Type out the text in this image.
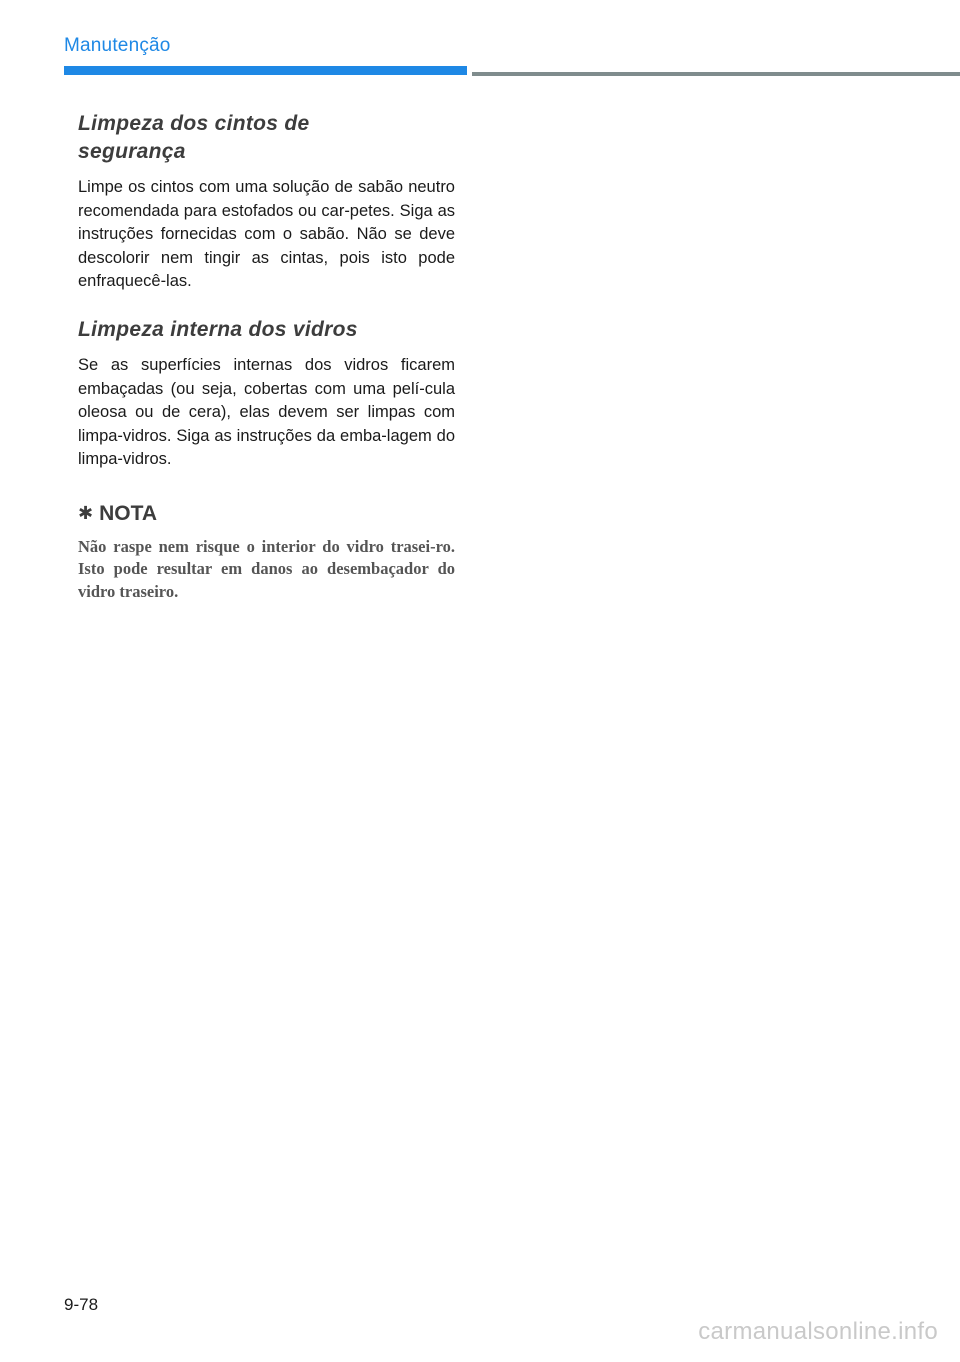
Manutenção
Limpeza dos cintos de segurança

Limpe os cintos com uma solução de sabão neutro recomendada para estofados ou car-petes. Siga as instruções fornecidas com o sabão. Não se deve descolorir nem tingir as cintas, pois isto pode enfraquecê-las.

Limpeza interna dos vidros

Se as superfícies internas dos vidros ficarem embaçadas (ou seja, cobertas com uma pelí-cula oleosa ou de cera), elas devem ser limpas com limpa-vidros. Siga as instruções da emba-lagem do limpa-vidros.

✱ NOTA

Não raspe nem risque o interior do vidro trasei-ro. Isto pode resultar em danos ao desembaçador do vidro traseiro.

9-78
carmanualsonline.info
